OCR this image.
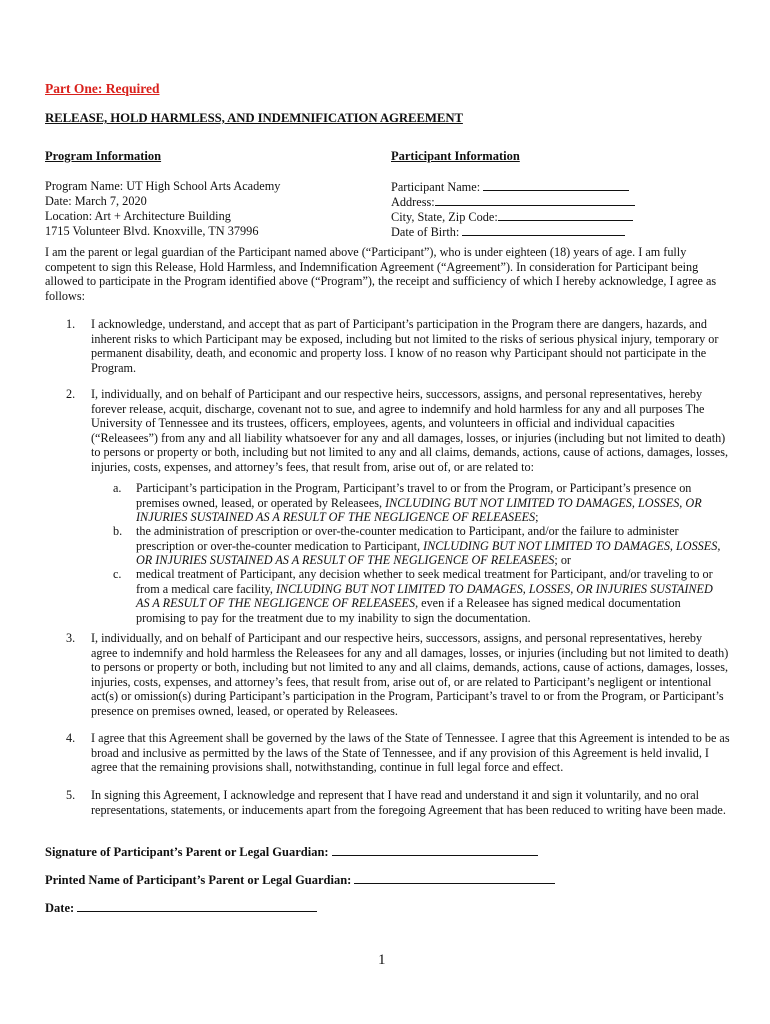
Part One: Required
RELEASE, HOLD HARMLESS, AND INDEMNIFICATION AGREEMENT
Program Information
Program Name: UT High School Arts Academy
Date: March 7, 2020
Location: Art + Architecture Building
1715 Volunteer Blvd. Knoxville, TN 37996
Participant Information
Participant Name:
Address:
City, State, Zip Code:
Date of Birth:
I am the parent or legal guardian of the Participant named above (“Participant”), who is under eighteen (18) years of age. I am fully competent to sign this Release, Hold Harmless, and Indemnification Agreement (“Agreement”). In consideration for Participant being allowed to participate in the Program identified above (“Program”), the receipt and sufficiency of which I hereby acknowledge, I agree as follows:
1.	I acknowledge, understand, and accept that as part of Participant’s participation in the Program there are dangers, hazards, and inherent risks to which Participant may be exposed, including but not limited to the risks of serious physical injury, temporary or permanent disability, death, and economic and property loss. I know of no reason why Participant should not participate in the Program.
2.	I, individually, and on behalf of Participant and our respective heirs, successors, assigns, and personal representatives, hereby forever release, acquit, discharge, covenant not to sue, and agree to indemnify and hold harmless for any and all purposes The University of Tennessee and its trustees, officers, employees, agents, and volunteers in official and individual capacities (“Releasees”) from any and all liability whatsoever for any and all damages, losses, or injuries (including but not limited to death) to persons or property or both, including but not limited to any and all claims, demands, actions, cause of actions, damages, losses, injuries, costs, expenses, and attorney’s fees, that result from, arise out of, or are related to:
a.	Participant’s participation in the Program, Participant’s travel to or from the Program, or Participant’s presence on premises owned, leased, or operated by Releasees, INCLUDING BUT NOT LIMITED TO DAMAGES, LOSSES, OR INJURIES SUSTAINED AS A RESULT OF THE NEGLIGENCE OF RELEASEES;
b.	the administration of prescription or over-the-counter medication to Participant, and/or the failure to administer prescription or over-the-counter medication to Participant, INCLUDING BUT NOT LIMITED TO DAMAGES, LOSSES, OR INJURIES SUSTAINED AS A RESULT OF THE NEGLIGENCE OF RELEASEES; or
c.	medical treatment of Participant, any decision whether to seek medical treatment for Participant, and/or traveling to or from a medical care facility, INCLUDING BUT NOT LIMITED TO DAMAGES, LOSSES, OR INJURIES SUSTAINED AS A RESULT OF THE NEGLIGENCE OF RELEASEES, even if a Releasee has signed medical documentation promising to pay for the treatment due to my inability to sign the documentation.
3.	I, individually, and on behalf of Participant and our respective heirs, successors, assigns, and personal representatives, hereby agree to indemnify and hold harmless the Releasees for any and all damages, losses, or injuries (including but not limited to death) to persons or property or both, including but not limited to any and all claims, demands, actions, cause of actions, damages, losses, injuries, costs, expenses, and attorney’s fees, that result from, arise out of, or are related to Participant’s negligent or intentional act(s) or omission(s) during Participant’s participation in the Program, Participant’s travel to or from the Program, or Participant’s presence on premises owned, leased, or operated by Releasees.
4.	I agree that this Agreement shall be governed by the laws of the State of Tennessee. I agree that this Agreement is intended to be as broad and inclusive as permitted by the laws of the State of Tennessee, and if any provision of this Agreement is held invalid, I agree that the remaining provisions shall, notwithstanding, continue in full legal force and effect.
5.	In signing this Agreement, I acknowledge and represent that I have read and understand it and sign it voluntarily, and no oral representations, statements, or inducements apart from the foregoing Agreement that has been reduced to writing have been made.
Signature of Participant’s Parent or Legal Guardian:
Printed Name of Participant’s Parent or Legal Guardian:
Date:
1
